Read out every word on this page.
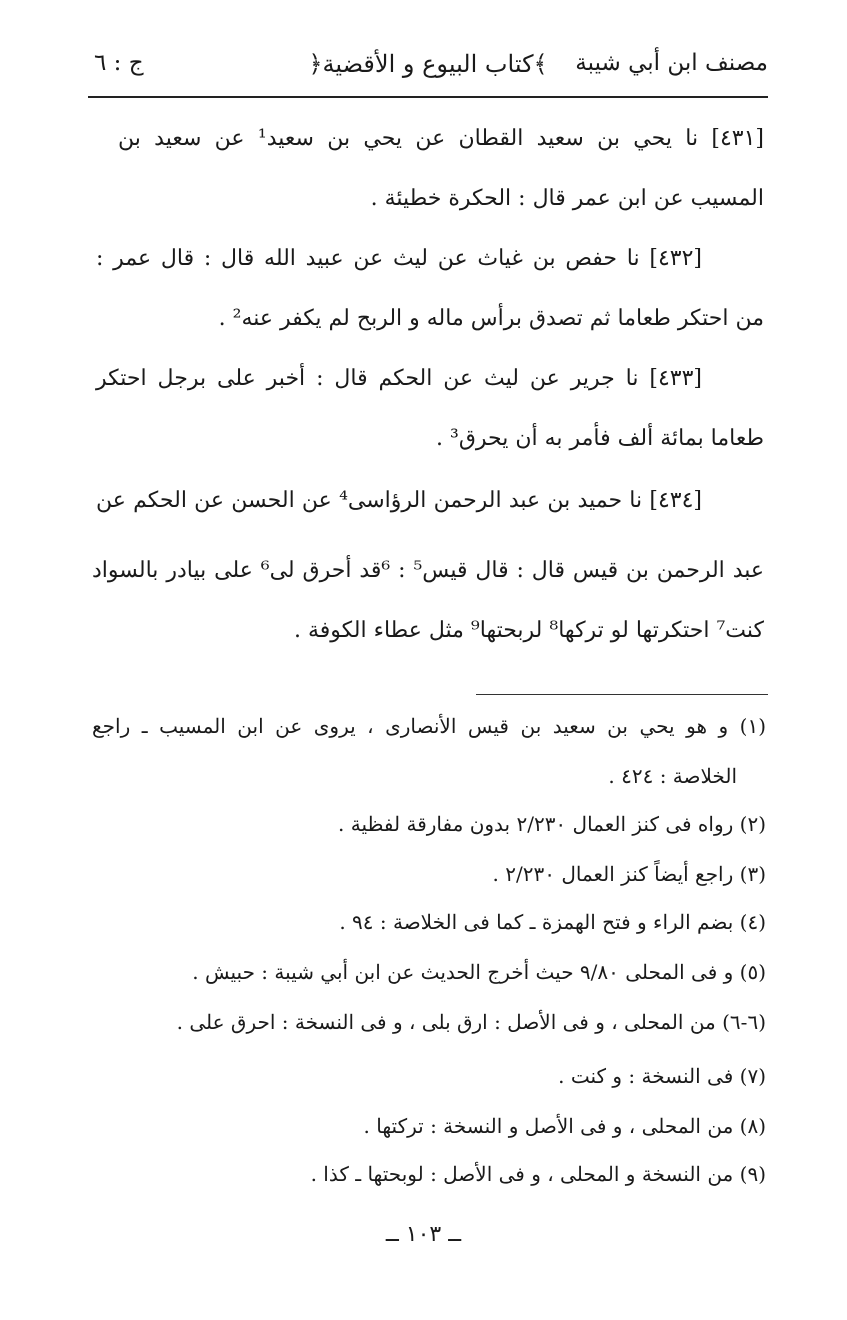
مصنف ابن أبي شيبة
﴿كتاب البيوع و الأقضية﴾
ج : ٦
[٤٣١] نا يحي بن سعيد القطان عن يحي بن سعيد¹ عن سعيد بن
المسيب عن ابن عمر قال : الحكرة خطيئة .
[٤٣٢] نا حفص بن غياث عن ليث عن عبيد الله قال : قال عمر :
من احتكر طعاما ثم تصدق برأس ماله و الربح لم يكفر عنه² .
[٤٣٣] نا جرير عن ليث عن الحكم قال : أخبر على برجل احتكر
طعاما بمائة ألف فأمر به أن يحرق³ .
[٤٣٤] نا حميد بن عبد الرحمن الرؤاسى⁴ عن الحسن عن الحكم عن
عبد الرحمن بن قيس قال : قال قيس⁵ : ⁶قد أحرق لى⁶ على بيادر بالسواد
كنت⁷ احتكرتها لو تركها⁸ لربحتها⁹ مثل عطاء الكوفة .
(١) و هو يحي بن سعيد بن قيس الأنصارى ، يروى عن ابن المسيب ـ راجع
الخلاصة : ٤٢٤ .
(٢) رواه فى كنز العمال ٢/٢٣٠ بدون مفارقة لفظية .
(٣) راجع أيضاً كنز العمال ٢/٢٣٠ .
(٤) بضم الراء و فتح الهمزة ـ كما فى الخلاصة : ٩٤ .
(٥) و فى المحلى ٩/٨٠ حيث أخرج الحديث عن ابن أبي شيبة : حبيش .
(٦-٦) من المحلى ، و فى الأصل : ارق بلى ، و فى النسخة : احرق على .
(٧) فى النسخة : و كنت .
(٨) من المحلى ، و فى الأصل و النسخة : تركتها .
(٩) من النسخة و المحلى ، و فى الأصل : لوبحتها ـ كذا .
ــ ١٠٣ ــ
